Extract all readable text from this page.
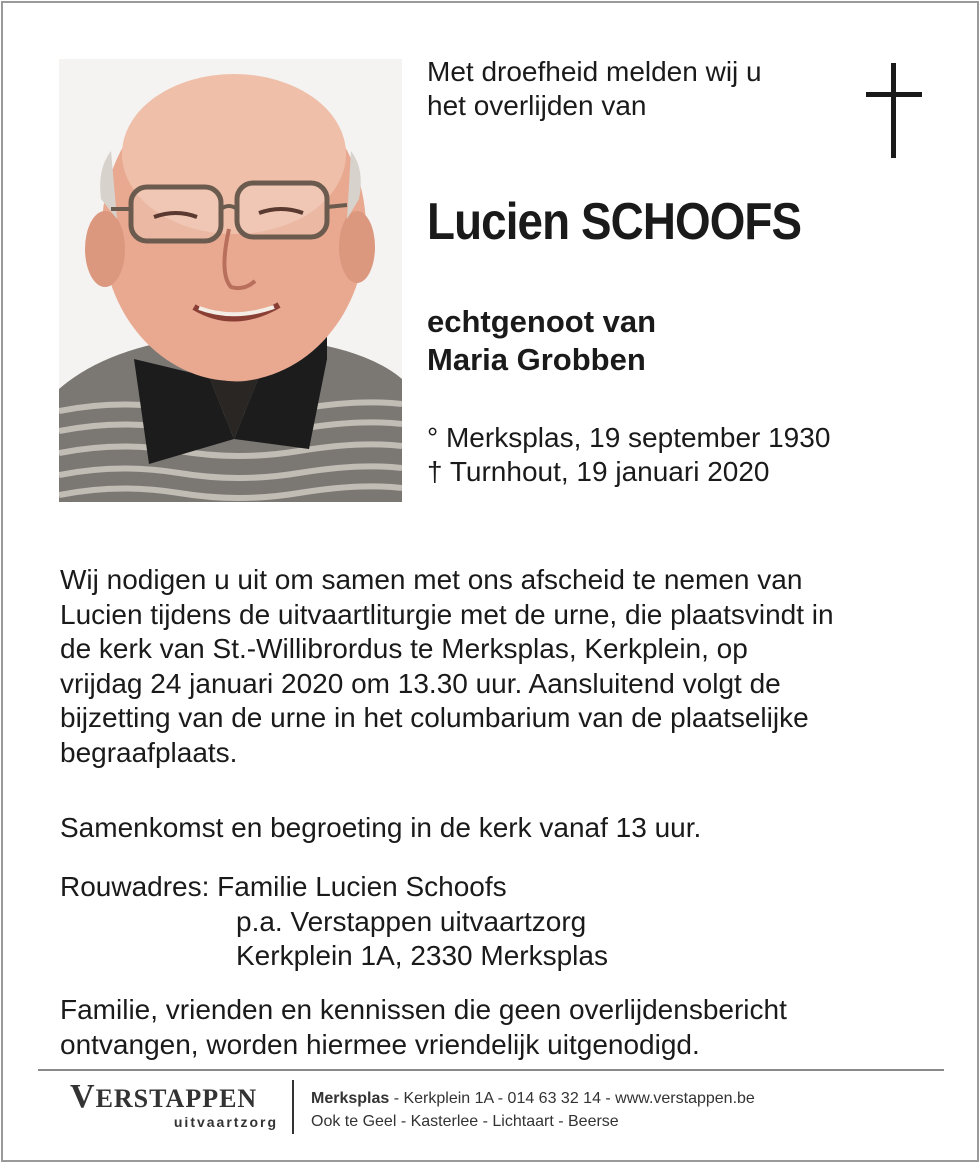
Met droefheid melden wij u
het overlijden van
Lucien SCHOOFS
echtgenoot van
Maria Grobben
° Merksplas, 19 september 1930
† Turnhout, 19 januari 2020
Wij nodigen u uit om samen met ons afscheid te nemen van
Lucien tijdens de uitvaartliturgie met de urne, die plaatsvindt in
de kerk van St.-Willibrordus te Merksplas, Kerkplein, op
vrijdag 24 januari 2020 om 13.30 uur. Aansluitend volgt de
bijzetting van de urne in het columbarium van de plaatselijke
begraafplaats.
Samenkomst en begroeting in de kerk vanaf 13 uur.
Rouwadres: Familie Lucien Schoofs
p.a. Verstappen uitvaartzorg
Kerkplein 1A, 2330 Merksplas
Familie, vrienden en kennissen die geen overlijdensbericht
ontvangen, worden hiermee vriendelijk uitgenodigd.
VERSTAPPEN
uitvaartzorg
Merksplas - Kerkplein 1A - 014 63 32 14 - www.verstappen.be
Ook te Geel - Kasterlee - Lichtaart - Beerse
